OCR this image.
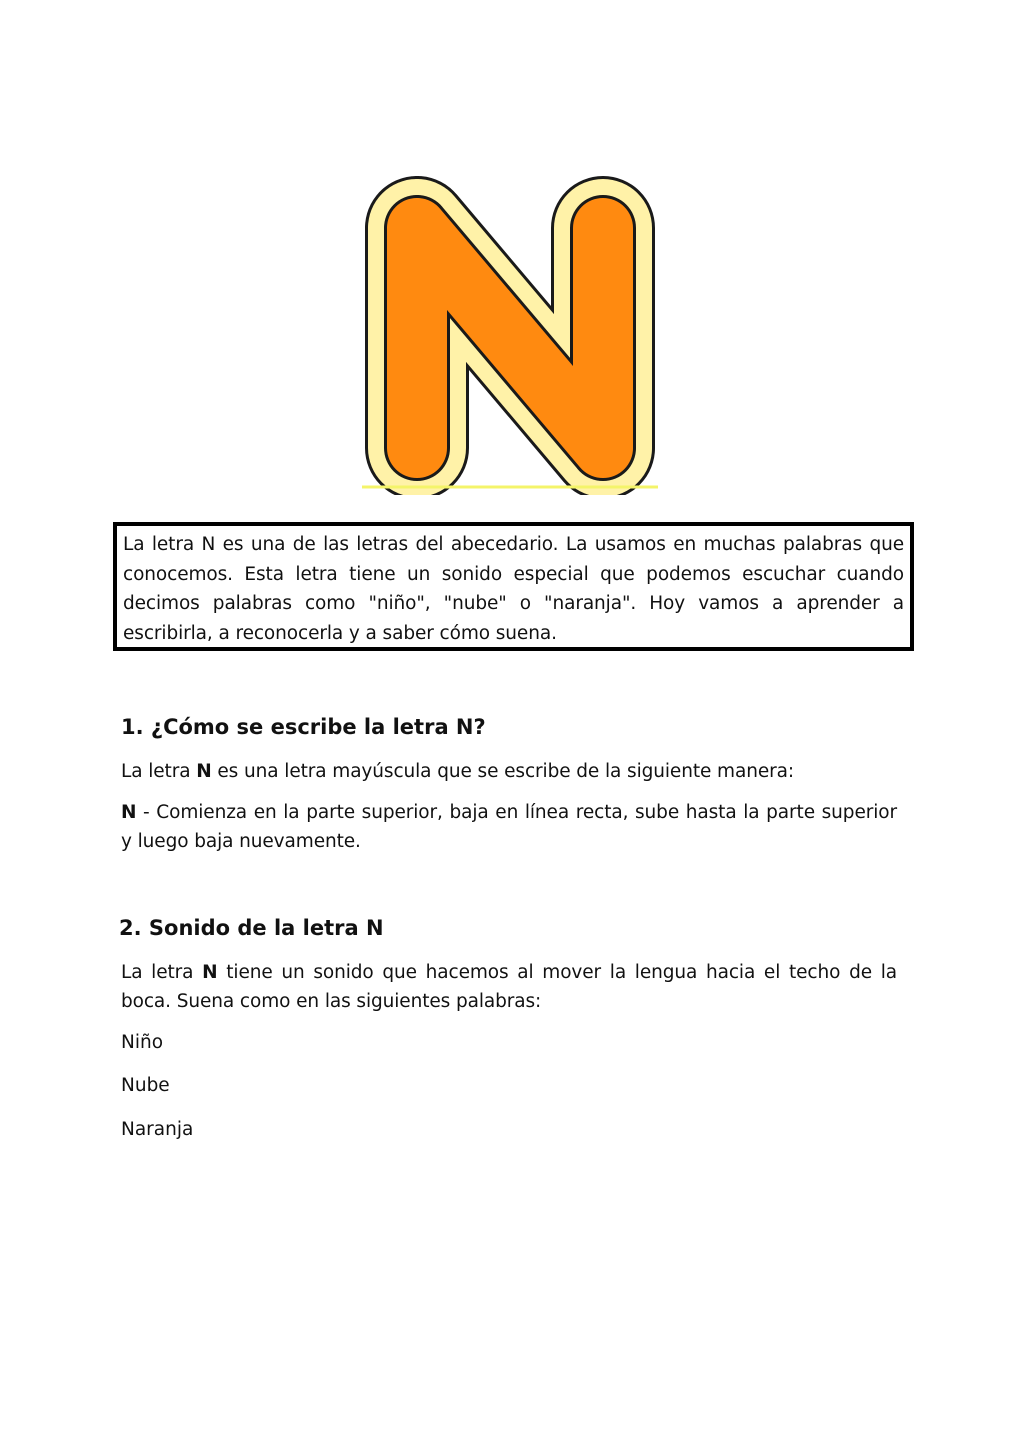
La letra N es una de las letras del abecedario. La usamos en muchas palabras que conocemos. Esta letra tiene un sonido especial que podemos escuchar cuando decimos palabras como "niño", "nube" o "naranja". Hoy vamos a aprender a escribirla, a reconocerla y a saber cómo suena.

1. ¿Cómo se escribe la letra N?

La letra N es una letra mayúscula que se escribe de la siguiente manera:

N - Comienza en la parte superior, baja en línea recta, sube hasta la parte superior y luego baja nuevamente.

2. Sonido de la letra N

La letra N tiene un sonido que hacemos al mover la lengua hacia el techo de la boca. Suena como en las siguientes palabras:

Niño

Nube

Naranja
